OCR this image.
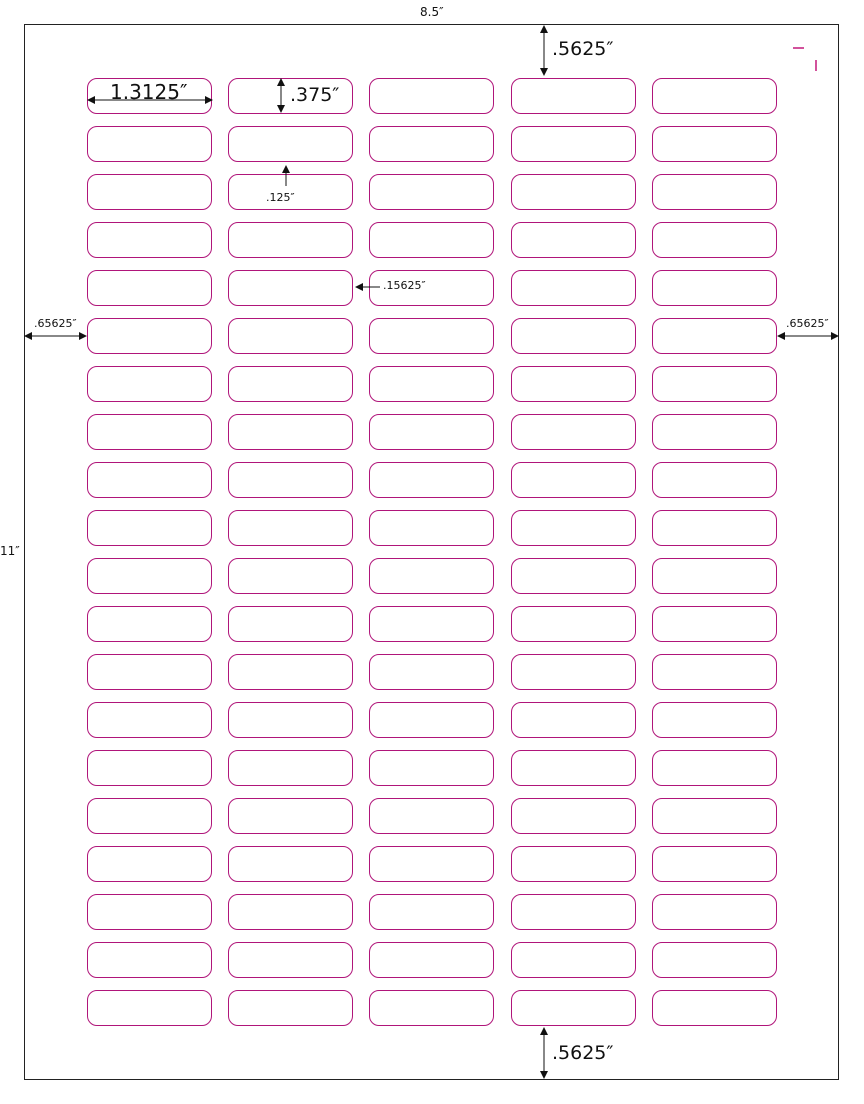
8.5″
11″
.5625″
.5625″
1.3125″	.375″
.125″
.15625″
.65625″	.65625″
